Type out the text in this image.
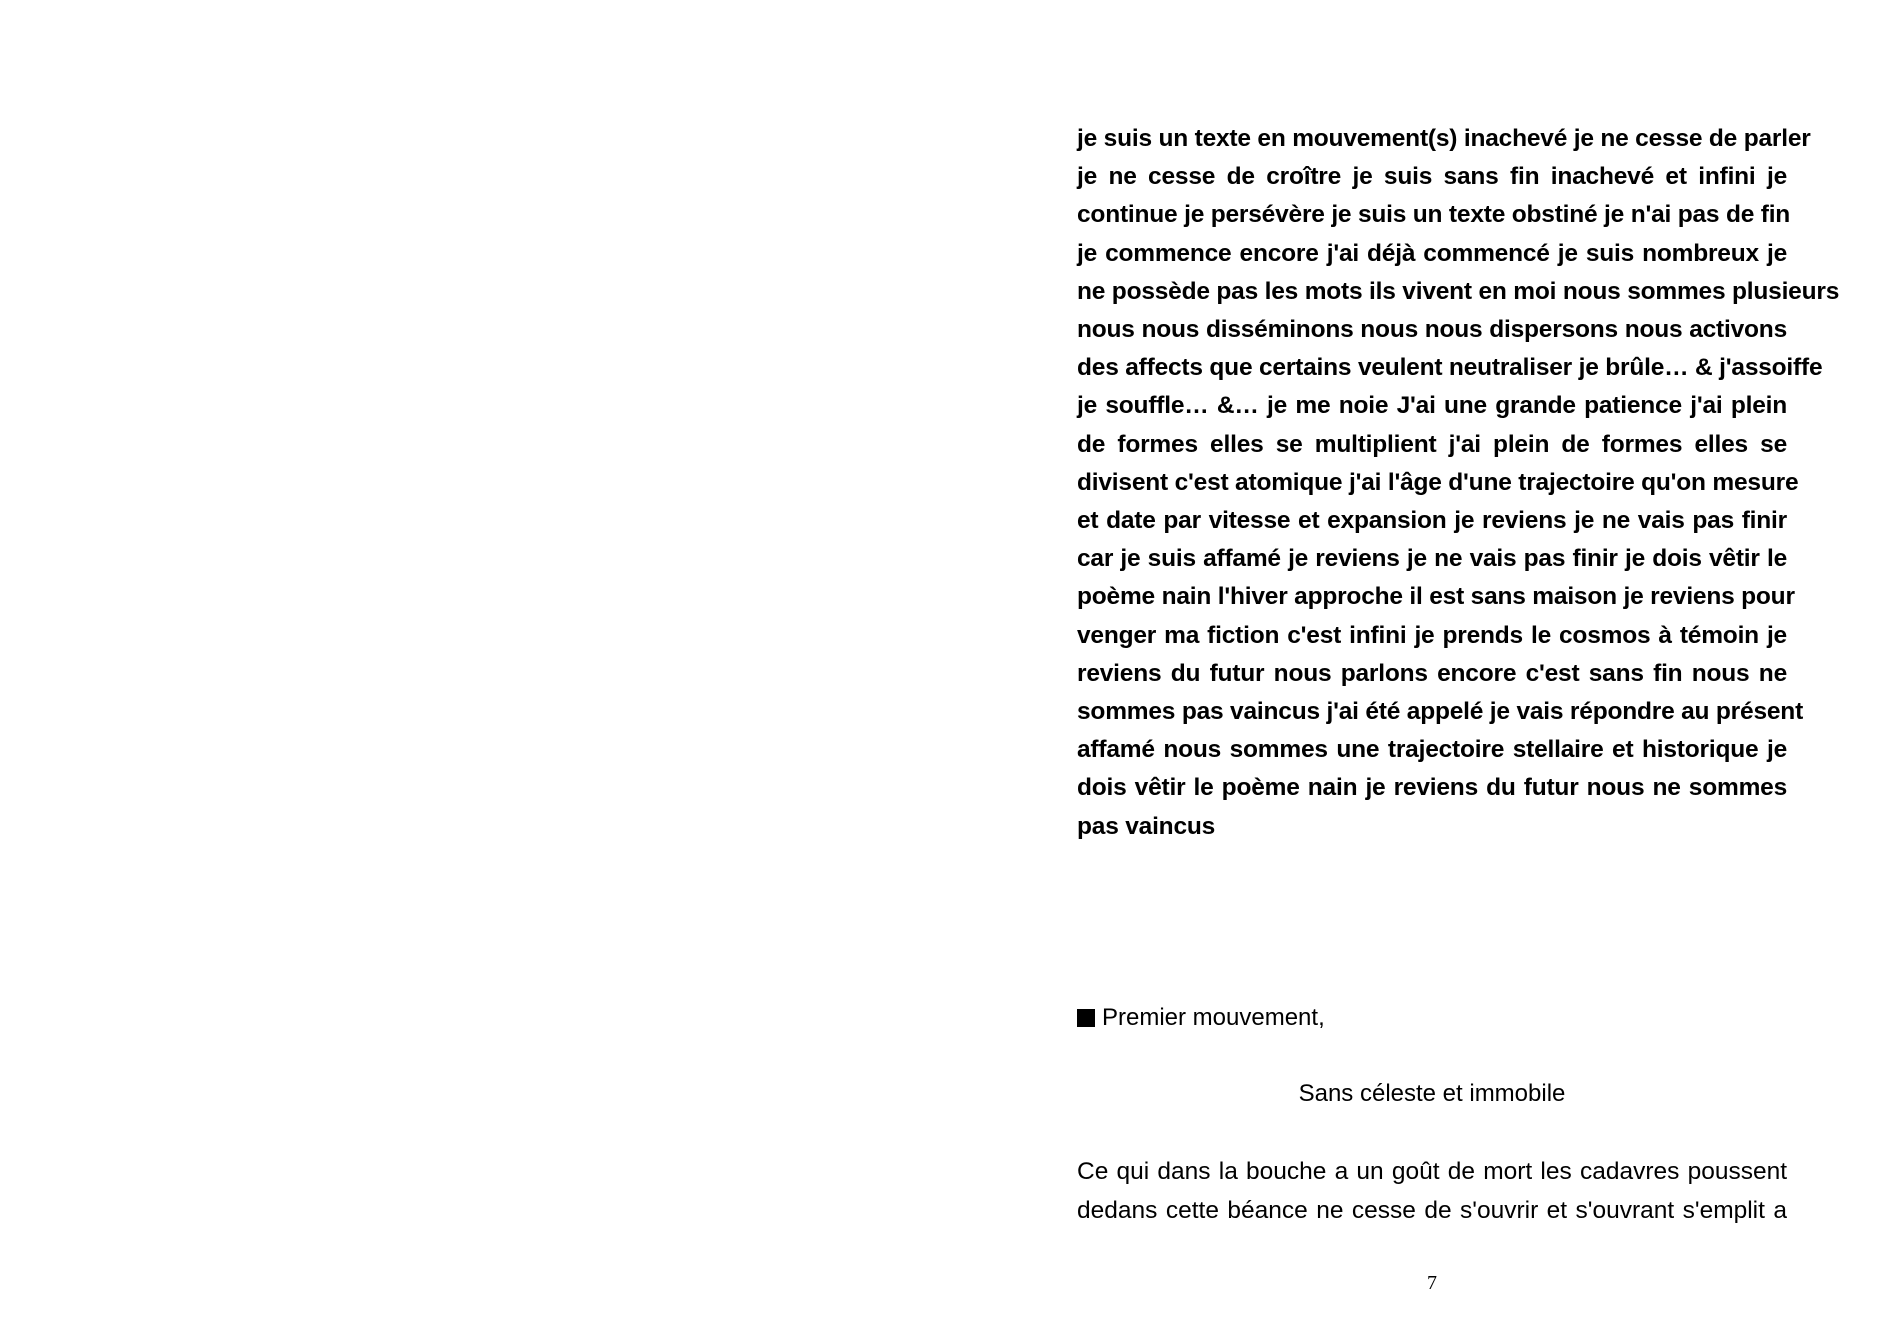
je suis un texte en mouvement(s) inachevé je ne cesse de parler
je ne cesse de croître je suis sans fin inachevé et infini je
continue je persévère je suis un texte obstiné je n'ai pas de fin
je commence encore j'ai déjà commencé je suis nombreux je
ne possède pas les mots ils vivent en moi nous sommes plusieurs
nous nous disséminons nous nous dispersons nous activons
des affects que certains veulent neutraliser je brûle… & j'assoiffe
je souffle… &… je me noie J'ai une grande patience j'ai plein
de formes elles se multiplient j'ai plein de formes elles se
divisent c'est atomique j'ai l'âge d'une trajectoire qu'on mesure
et date par vitesse et expansion je reviens je ne vais pas finir
car je suis affamé je reviens je ne vais pas finir je dois vêtir le
poème nain l'hiver approche il est sans maison je reviens pour
venger ma fiction c'est infini je prends le cosmos à témoin je
reviens du futur nous parlons encore c'est sans fin nous ne
sommes pas vaincus j'ai été appelé je vais répondre au présent
affamé nous sommes une trajectoire stellaire et historique je
dois vêtir le poème nain je reviens du futur nous ne sommes
pas vaincus
Premier mouvement,
Sans céleste et immobile
Ce qui dans la bouche a un goût de mort les cadavres poussent
dedans cette béance ne cesse de s'ouvrir et s'ouvrant s'emplit a
7
